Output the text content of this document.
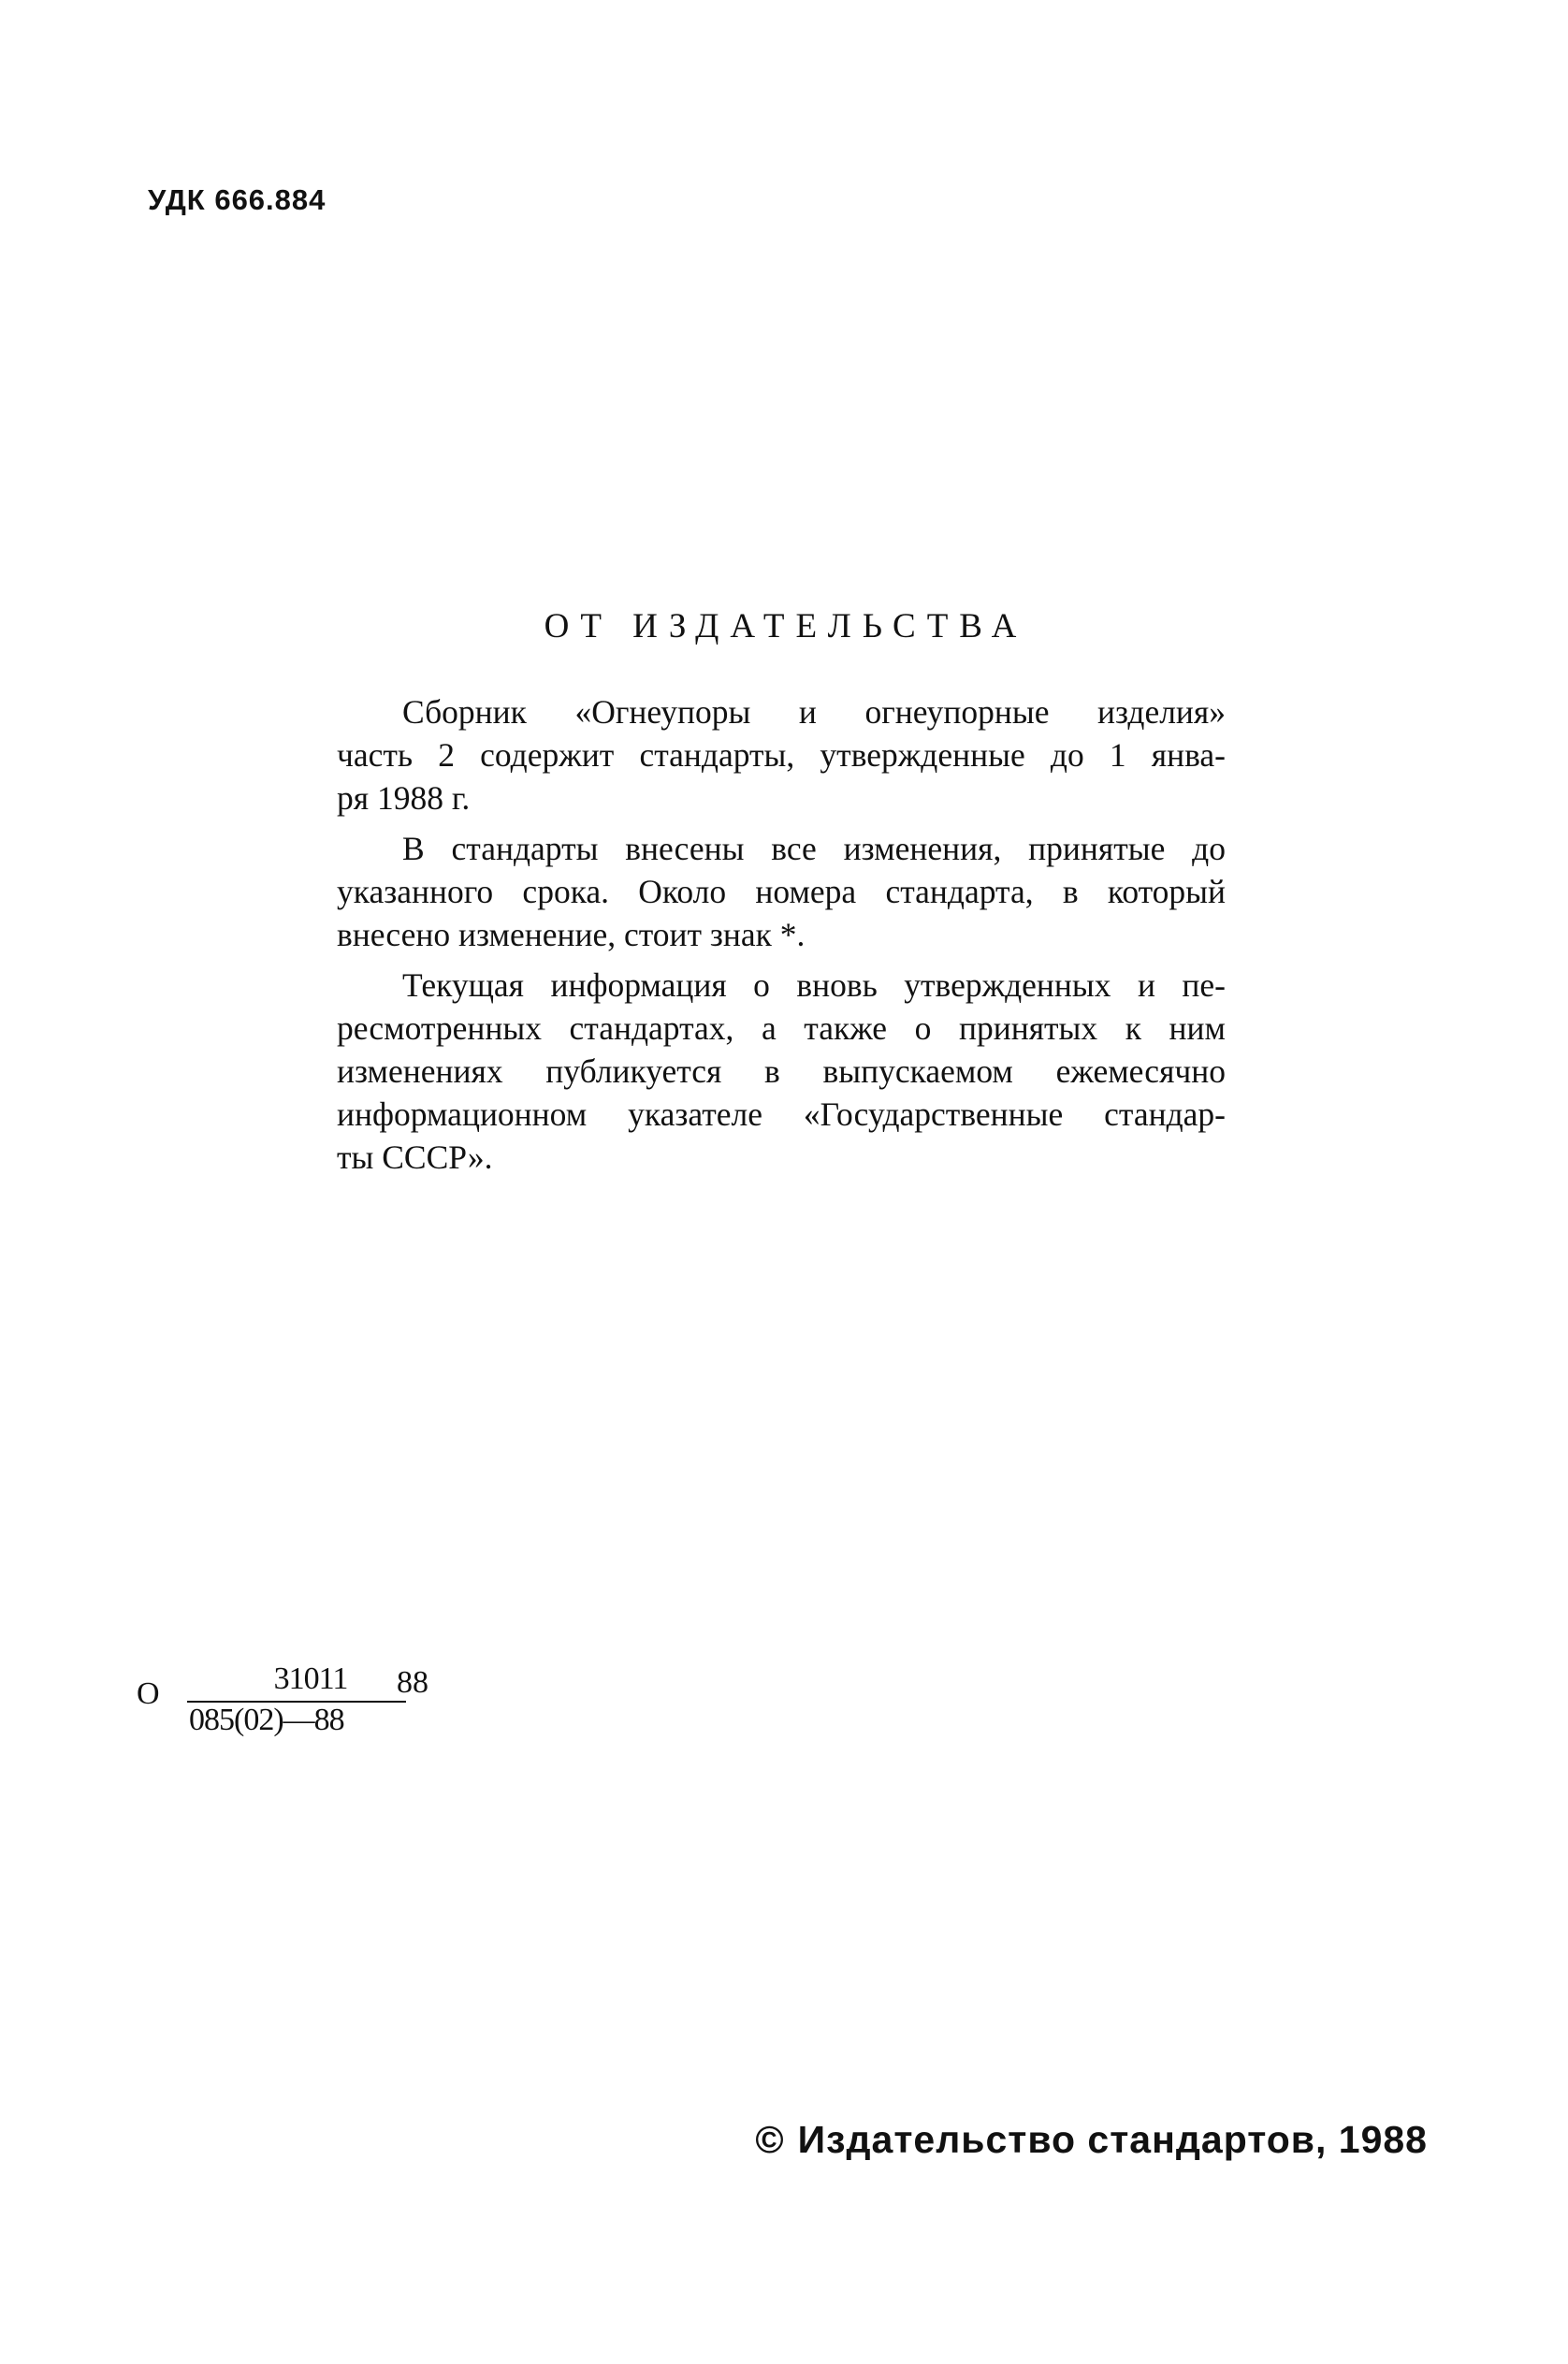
УДК 666.884
ОТ ИЗДАТЕЛЬСТВА
Сборник «Огнеупоры и огнеупорные изделия»
часть 2 содержит стандарты, утвержденные до 1 янва-
ря 1988 г.
В стандарты внесены все изменения, принятые до
указанного срока. Около номера стандарта, в который
внесено изменение, стоит знак *.
Текущая информация о вновь утвержденных и пе-
ресмотренных стандартах, а также о принятых к ним
изменениях публикуется в выпускаемом ежемесячно
информационном указателе «Государственные стандар-
ты СССР».
О	31011
085(02)—88
88
© Издательство стандартов, 1988
